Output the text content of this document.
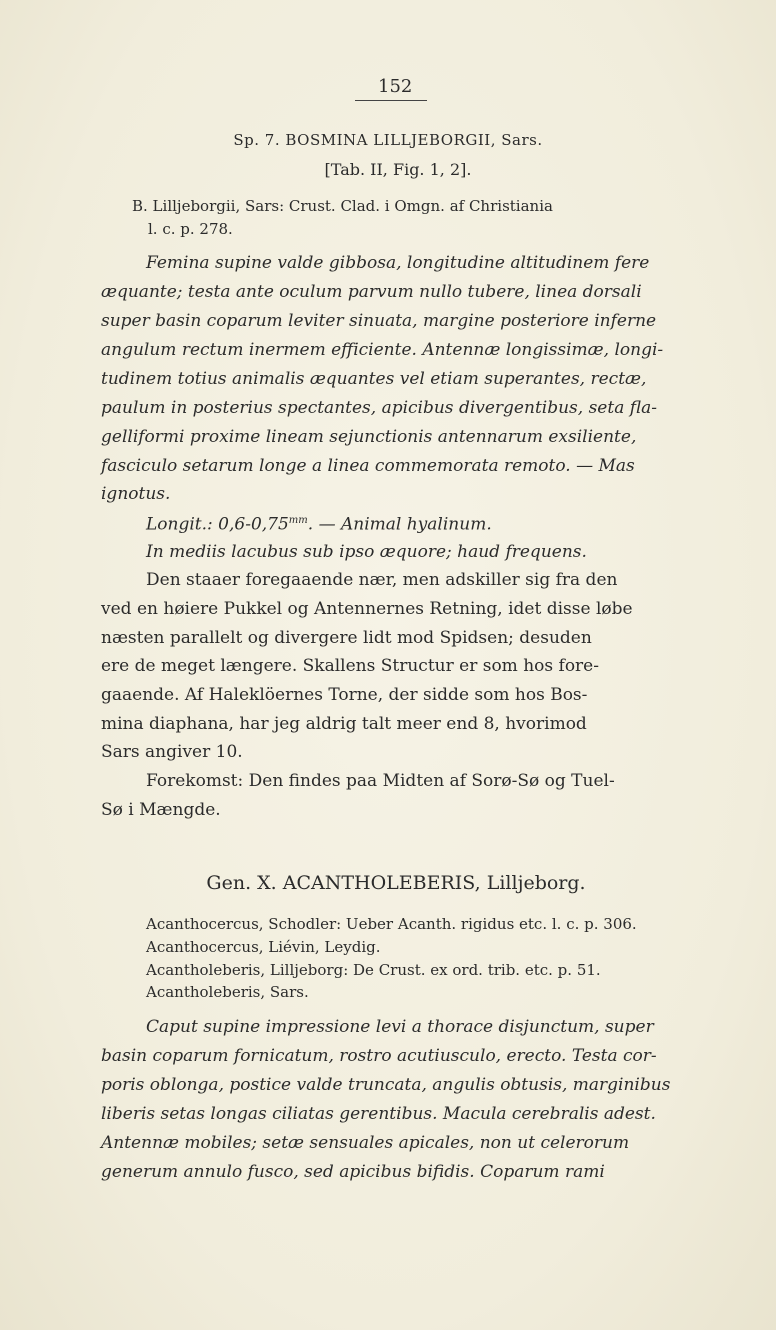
152
Sp. 7. BOSMINA LILLJEBORGII, Sars.
[Tab. II, Fig. 1, 2].
B. Lilljeborgii, Sars: Crust. Clad. i Omgn. af Christiania
l. c. p. 278.
Femina supine valde gibbosa, longitudine altitudinem fere
æquante; testa ante oculum parvum nullo tubere, linea dorsali
super basin coparum leviter sinuata, margine posteriore inferne
angulum rectum inermem efficiente. Antennæ longissimæ, longi-
tudinem totius animalis æquantes vel etiam superantes, rectæ,
paulum in posterius spectantes, apicibus divergentibus, seta fla-
gelliformi proxime lineam sejunctionis antennarum exsiliente,
fasciculo setarum longe a linea commemorata remoto. — Mas
ignotus.
Longit.: $0,6-0,75^{mm}$. — Animal hyalinum.
In mediis lacubus sub ipso æquore; haud frequens.
Den staaer foregaaende nær, men adskiller sig fra den
ved en høiere Pukkel og Antennernes Retning, idet disse løbe
næsten parallelt og divergere lidt mod Spidsen; desuden
ere de meget længere. Skallens Structur er som hos fore-
gaaende. Af Haleklöernes Torne, der sidde som hos Bos-
mina diaphana, har jeg aldrig talt meer end 8, hvorimod
Sars angiver 10.
Forekomst: Den findes paa Midten af Sorø-Sø og Tuel-
Sø i Mængde.
Gen. X. ACANTHOLEBERIS, Lilljeborg.
Acanthocercus, Schodler: Ueber Acanth. rigidus etc. l. c. p. 306.
Acanthocercus, Liévin, Leydig.
Acantholeberis, Lilljeborg: De Crust. ex ord. trib. etc. p. 51.
Acantholeberis, Sars.
Caput supine impressione levi a thorace disjunctum, super
basin coparum fornicatum, rostro acutiusculo, erecto. Testa cor-
poris oblonga, postice valde truncata, angulis obtusis, marginibus
liberis setas longas ciliatas gerentibus. Macula cerebralis adest.
Antennæ mobiles; setæ sensuales apicales, non ut celerorum
generum annulo fusco, sed apicibus bifidis. Coparum rami
